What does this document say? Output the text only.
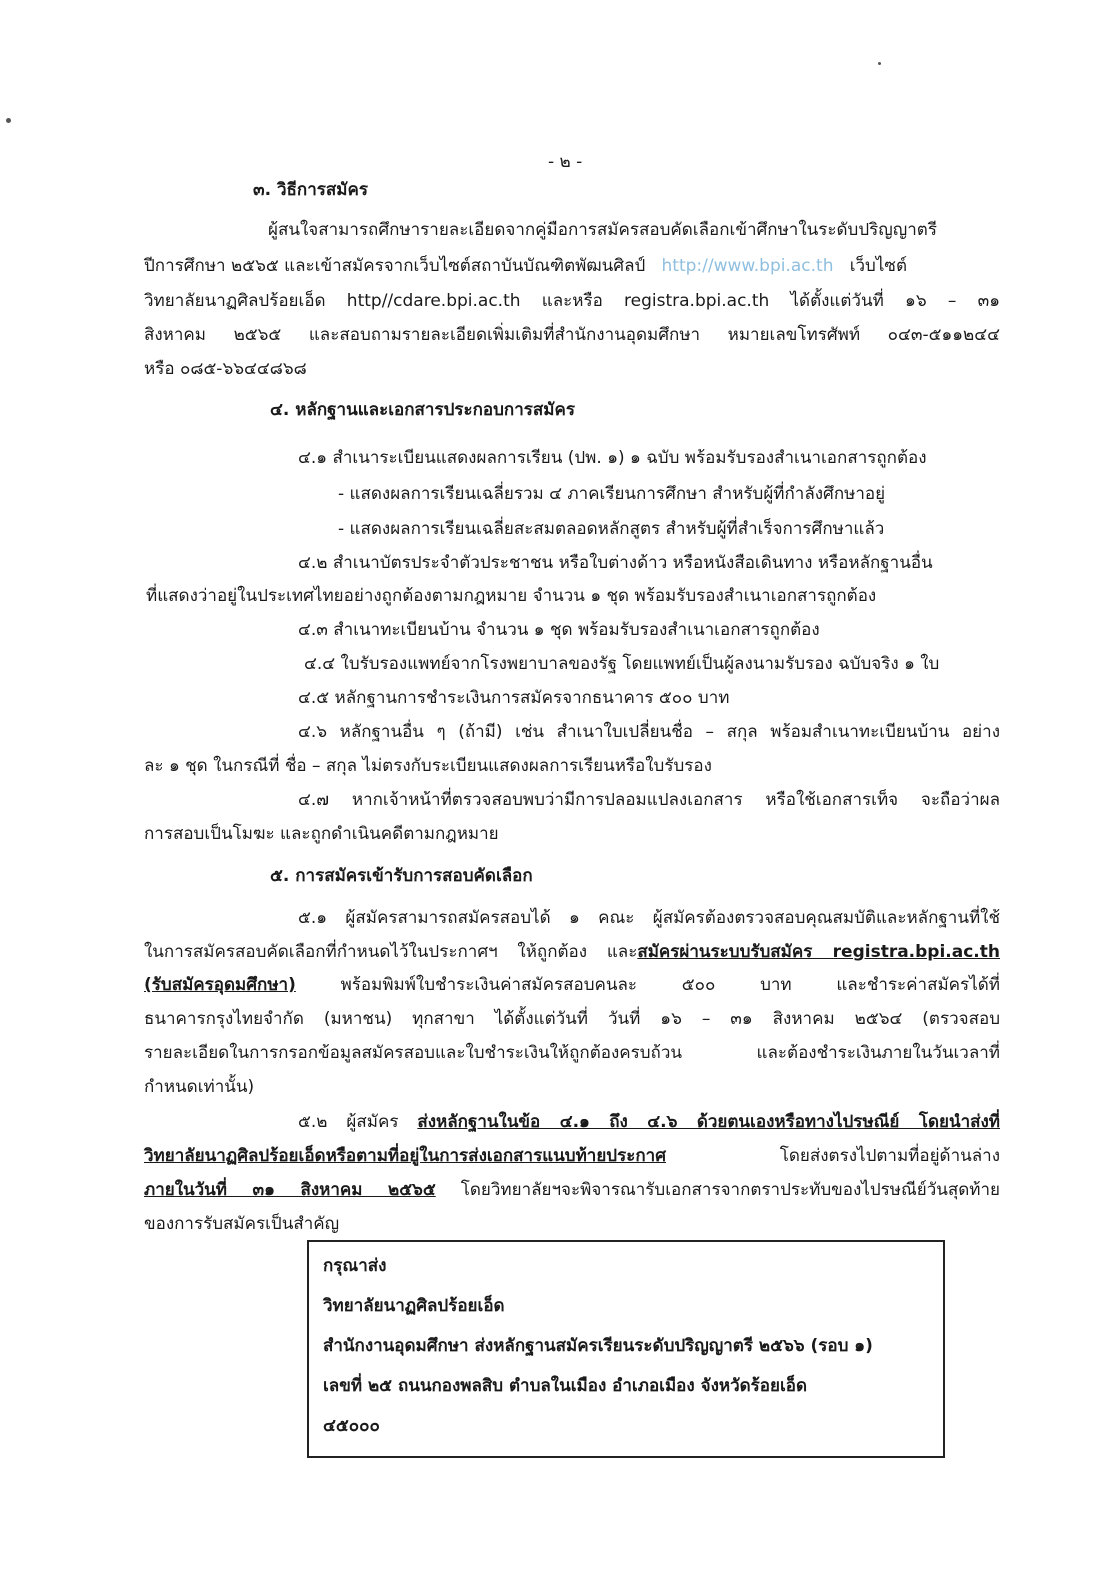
- ๒ -
๓. วิธีการสมัคร
ผู้สนใจสามารถศึกษารายละเอียดจากคู่มือการสมัครสอบคัดเลือกเข้าศึกษาในระดับปริญญาตรี
ปีการศึกษา ๒๕๖๕ และเข้าสมัครจากเว็บไซต์สถาบันบัณฑิตพัฒนศิลป์ http://www.bpi.ac.th เว็บไซต์
วิทยาลัยนาฏศิลปร้อยเอ็ด http//cdare.bpi.ac.th และหรือ registra.bpi.ac.th ได้ตั้งแต่วันที่ ๑๖ – ๓๑
สิงหาคม ๒๕๖๕ และสอบถามรายละเอียดเพิ่มเติมที่สำนักงานอุดมศึกษา หมายเลขโทรศัพท์ ๐๔๓-๕๑๑๒๔๔
หรือ ๐๘๕-๖๖๔๔๘๖๘
๔. หลักฐานและเอกสารประกอบการสมัคร
๔.๑ สำเนาระเบียนแสดงผลการเรียน (ปพ. ๑) ๑ ฉบับ พร้อมรับรองสำเนาเอกสารถูกต้อง
- แสดงผลการเรียนเฉลี่ยรวม ๔ ภาคเรียนการศึกษา สำหรับผู้ที่กำลังศึกษาอยู่
- แสดงผลการเรียนเฉลี่ยสะสมตลอดหลักสูตร สำหรับผู้ที่สำเร็จการศึกษาแล้ว
๔.๒ สำเนาบัตรประจำตัวประชาชน หรือใบต่างด้าว หรือหนังสือเดินทาง หรือหลักฐานอื่น
ที่แสดงว่าอยู่ในประเทศไทยอย่างถูกต้องตามกฎหมาย จำนวน ๑ ชุด พร้อมรับรองสำเนาเอกสารถูกต้อง
๔.๓ สำเนาทะเบียนบ้าน จำนวน ๑ ชุด พร้อมรับรองสำเนาเอกสารถูกต้อง
๔.๔ ใบรับรองแพทย์จากโรงพยาบาลของรัฐ โดยแพทย์เป็นผู้ลงนามรับรอง ฉบับจริง ๑ ใบ
๔.๕ หลักฐานการชำระเงินการสมัครจากธนาคาร ๕๐๐ บาท
๔.๖ หลักฐานอื่น ๆ (ถ้ามี) เช่น สำเนาใบเปลี่ยนชื่อ – สกุล พร้อมสำเนาทะเบียนบ้าน อย่าง
ละ ๑ ชุด ในกรณีที่ ชื่อ – สกุล ไม่ตรงกับระเบียนแสดงผลการเรียนหรือใบรับรอง
๔.๗ หากเจ้าหน้าที่ตรวจสอบพบว่ามีการปลอมแปลงเอกสาร หรือใช้เอกสารเท็จ จะถือว่าผล
การสอบเป็นโมฆะ และถูกดำเนินคดีตามกฎหมาย
๕. การสมัครเข้ารับการสอบคัดเลือก
๕.๑ ผู้สมัครสามารถสมัครสอบได้ ๑ คณะ ผู้สมัครต้องตรวจสอบคุณสมบัติและหลักฐานที่ใช้
ในการสมัครสอบคัดเลือกที่กำหนดไว้ในประกาศฯ ให้ถูกต้อง และสมัครผ่านระบบรับสมัคร registra.bpi.ac.th
(รับสมัครอุดมศึกษา)	พร้อมพิมพ์ใบชำระเงินค่าสมัครสอบคนละ ๕๐๐ บาท และชำระค่าสมัครได้ที่
ธนาคารกรุงไทยจำกัด (มหาชน) ทุกสาขา ได้ตั้งแต่วันที่ วันที่ ๑๖ – ๓๑ สิงหาคม ๒๕๖๔ (ตรวจสอบ
รายละเอียดในการกรอกข้อมูลสมัครสอบและใบชำระเงินให้ถูกต้องครบถ้วน และต้องชำระเงินภายในวันเวลาที่
กำหนดเท่านั้น)
๕.๒ ผู้สมัคร ส่งหลักฐานในข้อ ๔.๑ ถึง ๔.๖ ด้วยตนเองหรือทางไปรษณีย์ โดยนำส่งที่
วิทยาลัยนาฏศิลปร้อยเอ็ดหรือตามที่อยู่ในการส่งเอกสารแนบท้ายประกาศ	โดยส่งตรงไปตามที่อยู่ด้านล่าง
ภายในวันที่ ๓๑ สิงหาคม ๒๕๖๕ โดยวิทยาลัยฯจะพิจารณารับเอกสารจากตราประทับของไปรษณีย์วันสุดท้าย
ของการรับสมัครเป็นสำคัญ
กรุณาส่ง
วิทยาลัยนาฏศิลปร้อยเอ็ด
สำนักงานอุดมศึกษา ส่งหลักฐานสมัครเรียนระดับปริญญาตรี ๒๕๖๖ (รอบ ๑)
เลขที่ ๒๕ ถนนกองพลสิบ ตำบลในเมือง อำเภอเมือง จังหวัดร้อยเอ็ด
๔๕๐๐๐
